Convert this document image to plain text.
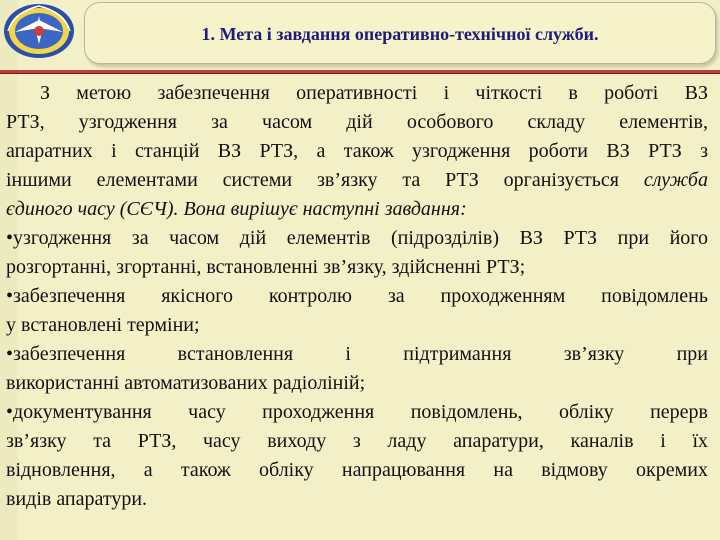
1. Мета і завдання оперативно-технічної служби.
З метою забезпечення оперативності і чіткості в роботі ВЗ
РТЗ, узгодження за часом дій особового складу елементів,
апаратних і станцій ВЗ РТЗ, а також узгодження роботи ВЗ РТЗ з
іншими елементами системи зв’язку та РТЗ організується служба
єдиного часу (СЄЧ). Вона вирішує наступні завдання:
•узгодження за часом дій елементів (підрозділів) ВЗ РТЗ при його
розгортанні, згортанні, встановленні зв’язку, здійсненні РТЗ;
•забезпечення якісного контролю за проходженням повідомлень
у встановлені терміни;
•забезпечення встановлення і підтримання зв’язку при
використанні автоматизованих радіоліній;
•документування часу проходження повідомлень, обліку перерв
зв’язку та РТЗ, часу виходу з ладу апаратури, каналів і їх
відновлення, а також обліку напрацювання на відмову окремих
видів апаратури.
